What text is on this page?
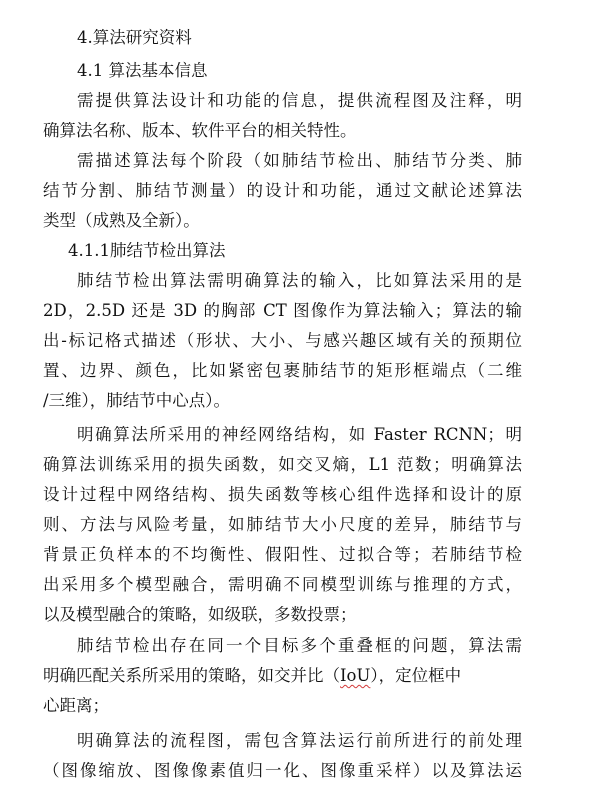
4.算法研究资料
4.1 算法基本信息
需提供算法设计和功能的信息，提供流程图及注释，明
确算法名称、版本、软件平台的相关特性。
需描述算法每个阶段（如肺结节检出、肺结节分类、肺
结节分割、肺结节测量）的设计和功能，通过文献论述算法
类型（成熟及全新）。
4.1.1肺结节检出算法
肺结节检出算法需明确算法的输入，比如算法采用的是
2D，2.5D 还是 3D 的胸部 CT 图像作为算法输入；算法的输
出-标记格式描述（形状、大小、与感兴趣区域有关的预期位
置、边界、颜色，比如紧密包裹肺结节的矩形框端点（二维
/三维），肺结节中心点）。
明确算法所采用的神经网络结构，如 Faster RCNN；明
确算法训练采用的损失函数，如交叉熵，L1 范数；明确算法
设计过程中网络结构、损失函数等核心组件选择和设计的原
则、方法与风险考量，如肺结节大小尺度的差异，肺结节与
背景正负样本的不均衡性、假阳性、过拟合等；若肺结节检
出采用多个模型融合，需明确不同模型训练与推理的方式，
以及模型融合的策略，如级联，多数投票；
肺结节检出存在同一个目标多个重叠框的问题，算法需
明确匹配关系所采用的策略，如交并比（IoU），定位框中
心距离；
明确算法的流程图，需包含算法运行前所进行的前处理
（图像缩放、图像像素值归一化、图像重采样）以及算法运
